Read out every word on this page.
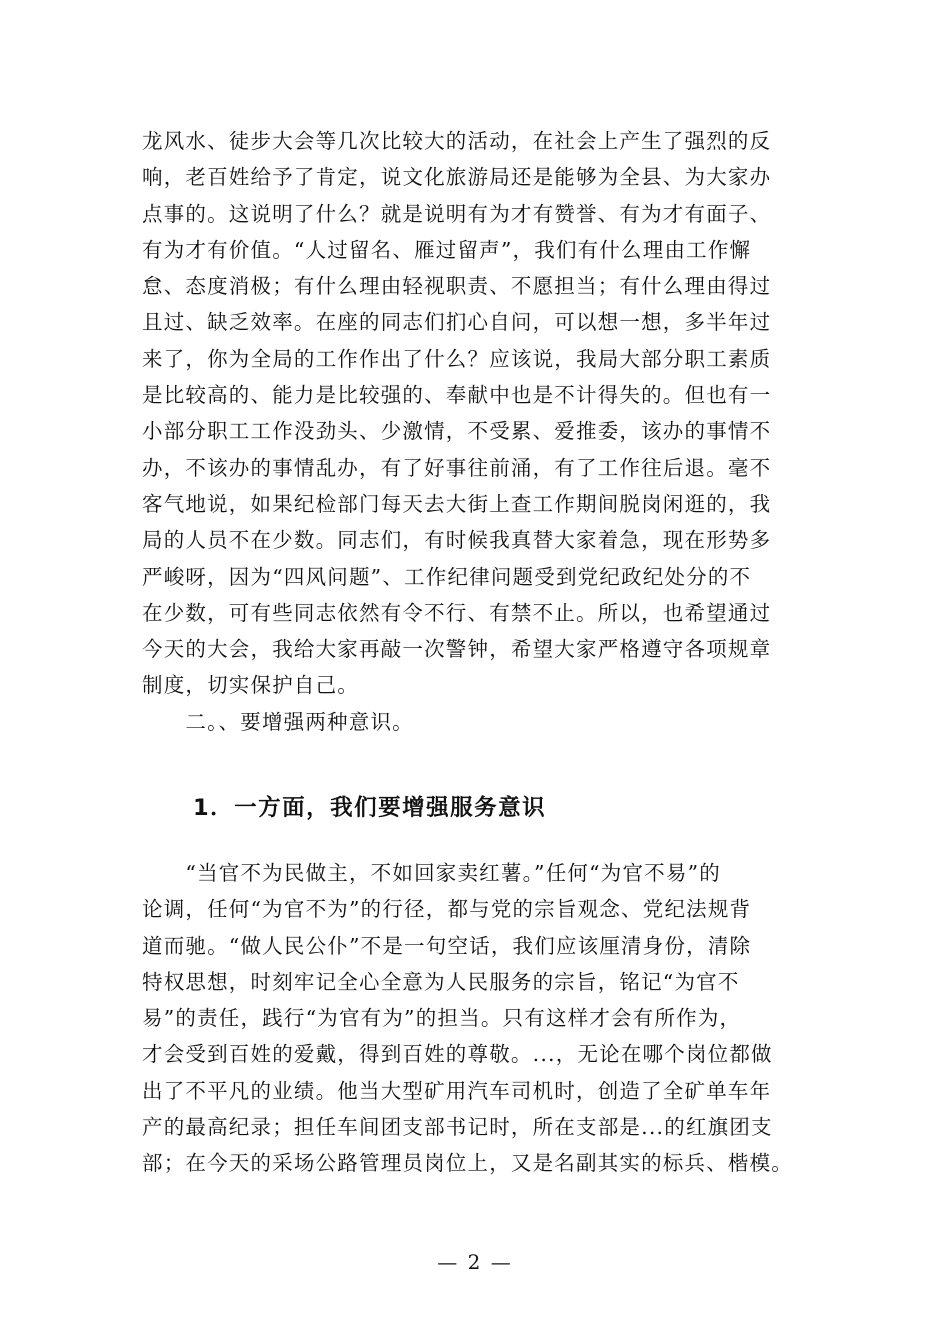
龙风水、徒步大会等几次比较大的活动，在社会上产生了强烈的反
响，老百姓给予了肯定，说文化旅游局还是能够为全县、为大家办
点事的。这说明了什么？就是说明有为才有赞誉、有为才有面子、
有为才有价值。“人过留名、雁过留声”，我们有什么理由工作懈
怠、态度消极；有什么理由轻视职责、不愿担当；有什么理由得过
且过、缺乏效率。在座的同志们扪心自问，可以想一想，多半年过
来了，你为全局的工作作出了什么？应该说，我局大部分职工素质
是比较高的、能力是比较强的、奉献中也是不计得失的。但也有一
小部分职工工作没劲头、少激情，不受累、爱推委，该办的事情不
办，不该办的事情乱办，有了好事往前涌，有了工作往后退。毫不
客气地说，如果纪检部门每天去大街上查工作期间脱岗闲逛的，我
局的人员不在少数。同志们，有时候我真替大家着急，现在形势多
严峻呀，因为“四风问题”、工作纪律问题受到党纪政纪处分的不
在少数，可有些同志依然有令不行、有禁不止。所以，也希望通过
今天的大会，我给大家再敲一次警钟，希望大家严格遵守各项规章
制度，切实保护自己。
　　二。、要增强两种意识。
1．一方面，我们要增强服务意识
　　“当官不为民做主，不如回家卖红薯。”任何“为官不易”的
论调，任何“为官不为”的行径，都与党的宗旨观念、党纪法规背
道而驰。“做人民公仆”不是一句空话，我们应该厘清身份，清除
特权思想，时刻牢记全心全意为人民服务的宗旨，铭记“为官不
易”的责任，践行“为官有为”的担当。只有这样才会有所作为，
才会受到百姓的爱戴，得到百姓的尊敬。...，无论在哪个岗位都做
出了不平凡的业绩。他当大型矿用汽车司机时，创造了全矿单车年
产的最高纪录；担任车间团支部书记时，所在支部是...的红旗团支
部；在今天的采场公路管理员岗位上，又是名副其实的标兵、楷模。
— 2 —
